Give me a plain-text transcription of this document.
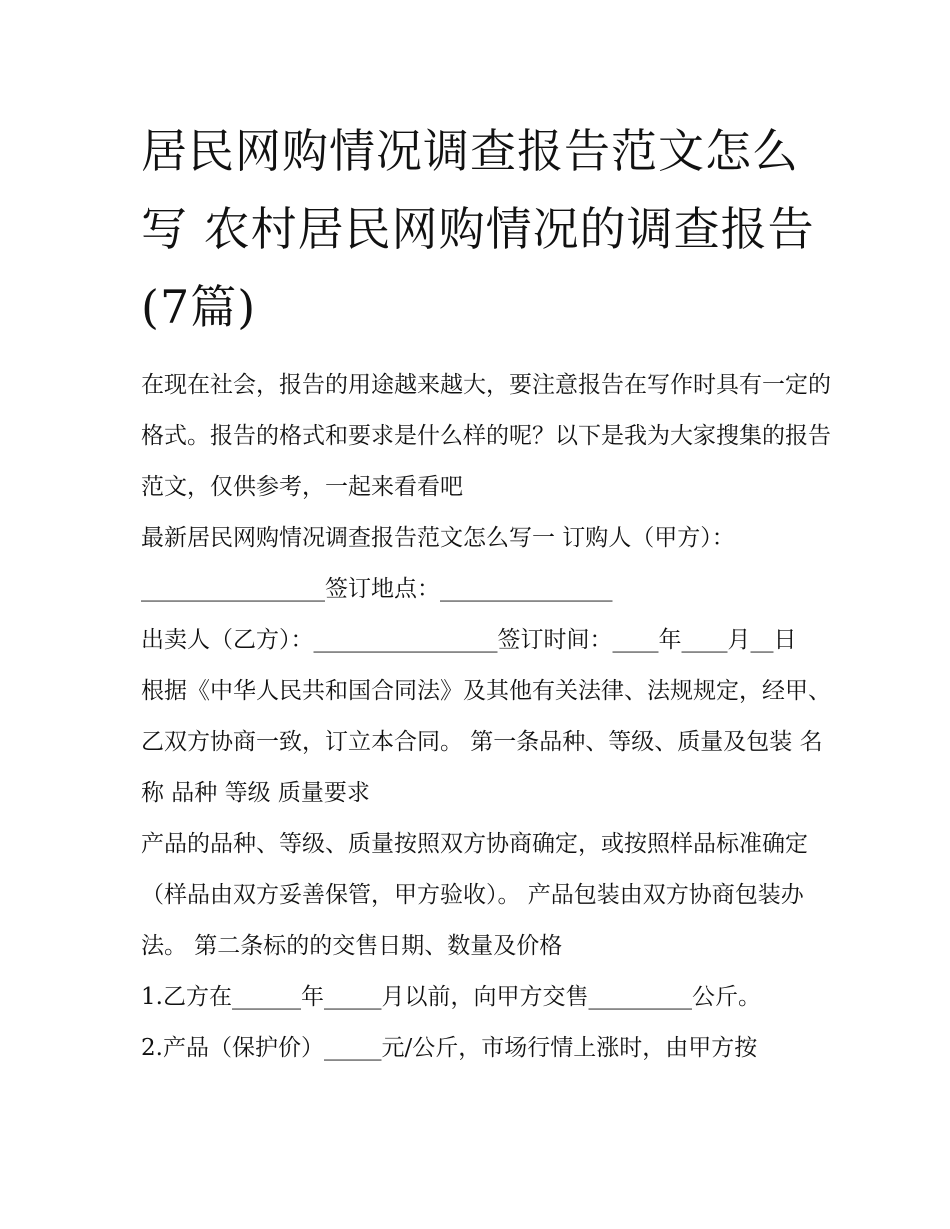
居民网购情况调查报告范文怎么写 农村居民网购情况的调查报告(7篇)

在现在社会，报告的用途越来越大，要注意报告在写作时具有一定的格式。报告的格式和要求是什么样的呢？以下是我为大家搜集的报告范文，仅供参考，一起来看看吧

最新居民网购情况调查报告范文怎么写一 订购人（甲方）：________________签订地点：_______________

出卖人（乙方）：________________签订时间：____年____月__日

根据《中华人民共和国合同法》及其他有关法律、法规规定，经甲、乙双方协商一致，订立本合同。 第一条品种、等级、质量及包装 名称 品种 等级 质量要求

产品的品种、等级、质量按照双方协商确定，或按照样品标准确定（样品由双方妥善保管，甲方验收）。 产品包装由双方协商包装办法。 第二条标的的交售日期、数量及价格

1.乙方在______年_____月以前，向甲方交售_________公斤。

2.产品（保护价）_____元/公斤，市场行情上涨时，由甲方按
